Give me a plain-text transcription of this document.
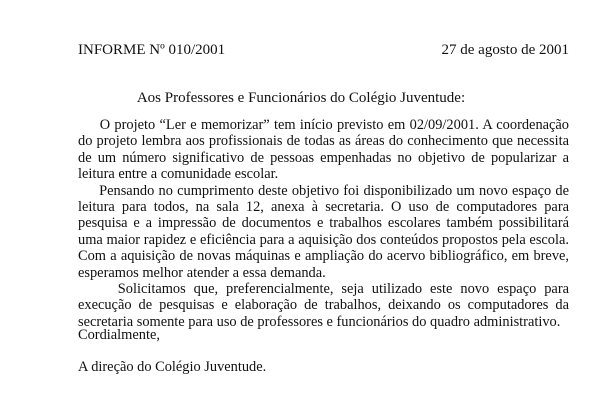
INFORME Nº 010/2001	27 de agosto de 2001
Aos Professores e Funcionários do Colégio Juventude:

O projeto “Ler e memorizar” tem início previsto em 02/09/2001. A coordenação do projeto lembra aos profissionais de todas as áreas do conhecimento que necessita de um número significativo de pessoas empenhadas no objetivo de popularizar a leitura entre a comunidade escolar.

Pensando no cumprimento deste objetivo foi disponibilizado um novo espaço de leitura para todos, na sala 12, anexa à secretaria. O uso de computadores para pesquisa e a impressão de documentos e trabalhos escolares também possibilitará uma maior rapidez e eficiência para a aquisição dos conteúdos propostos pela escola. Com a aquisição de novas máquinas e ampliação do acervo bibliográfico, em breve, esperamos melhor atender a essa demanda.

Solicitamos que, preferencialmente, seja utilizado este novo espaço para execução de pesquisas e elaboração de trabalhos, deixando os computadores da secretaria somente para uso de professores e funcionários do quadro administrativo.

Cordialmente,
A direção do Colégio Juventude.
